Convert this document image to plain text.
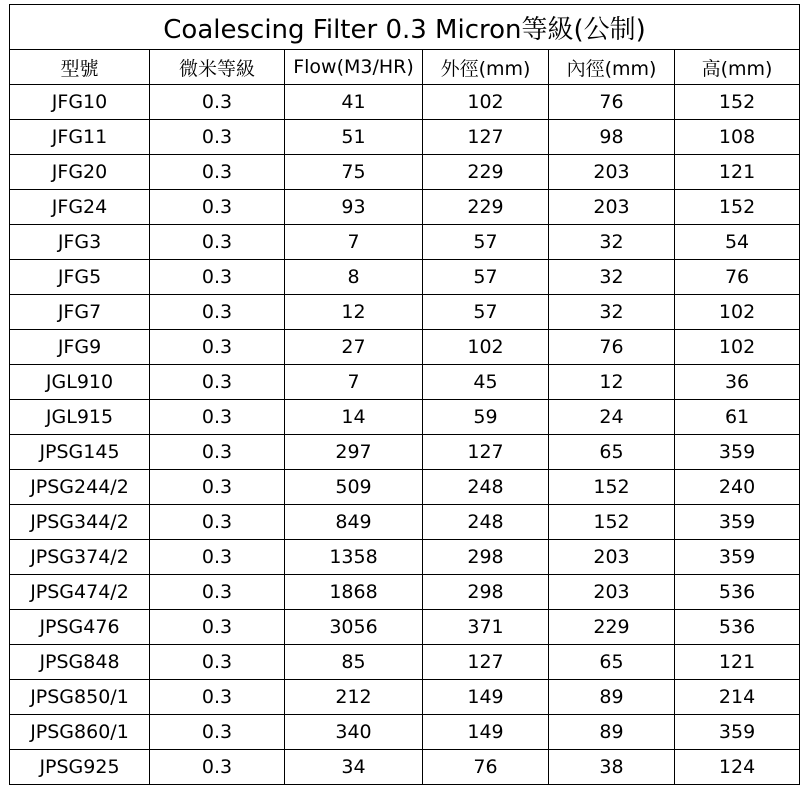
Coalescing Filter 0.3 Micron等級(公制)					
型號	微米等級	Flow(M3/HR)	外徑(mm)	內徑(mm)	高(mm)
JFG10	0.3	41	102	76	152
JFG11	0.3	51	127	98	108
JFG20	0.3	75	229	203	121
JFG24	0.3	93	229	203	152
JFG3	0.3	7	57	32	54
JFG5	0.3	8	57	32	76
JFG7	0.3	12	57	32	102
JFG9	0.3	27	102	76	102
JGL910	0.3	7	45	12	36
JGL915	0.3	14	59	24	61
JPSG145	0.3	297	127	65	359
JPSG244/2	0.3	509	248	152	240
JPSG344/2	0.3	849	248	152	359
JPSG374/2	0.3	1358	298	203	359
JPSG474/2	0.3	1868	298	203	536
JPSG476	0.3	3056	371	229	536
JPSG848	0.3	85	127	65	121
JPSG850/1	0.3	212	149	89	214
JPSG860/1	0.3	340	149	89	359
JPSG925	0.3	34	76	38	124
